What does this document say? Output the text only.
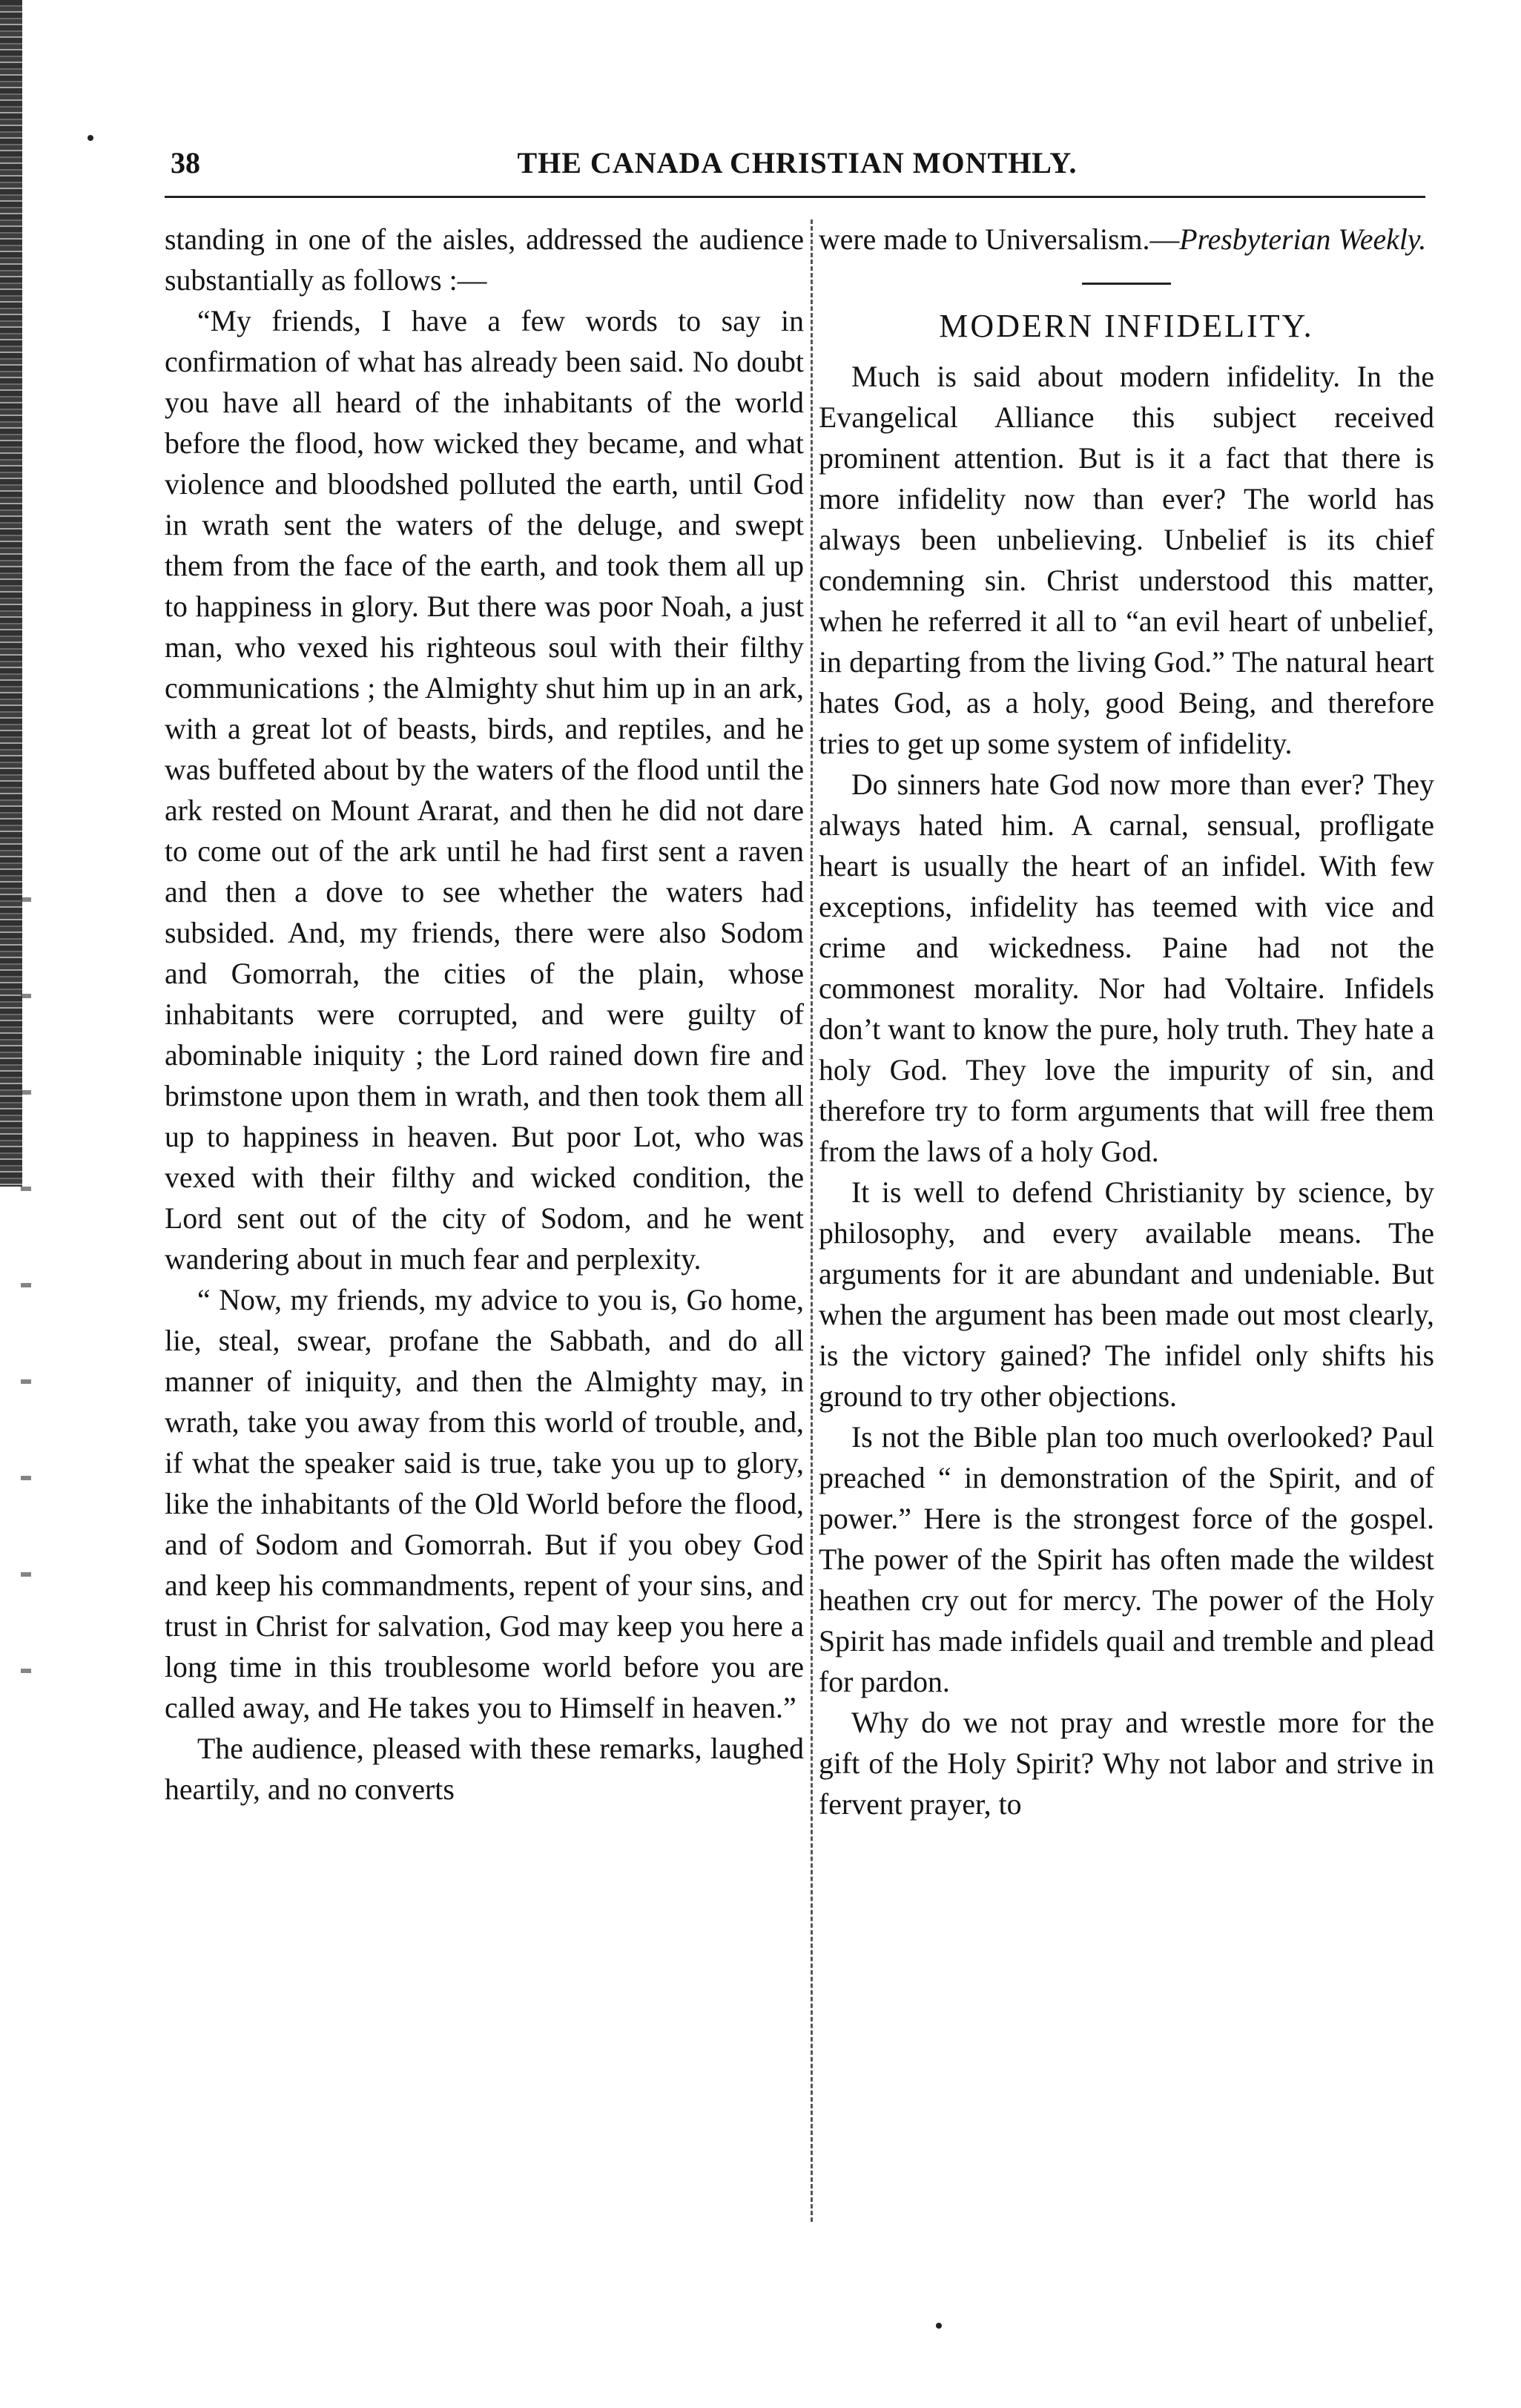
38	THE CANADA CHRISTIAN MONTHLY.

standing in one of the aisles, addressed the audience substantially as follows :—

“My friends, I have a few words to say in confirmation of what has already been said. No doubt you have all heard of the inhabitants of the world before the flood, how wicked they became, and what violence and bloodshed polluted the earth, until God in wrath sent the waters of the deluge, and swept them from the face of the earth, and took them all up to happiness in glory. But there was poor Noah, a just man, who vexed his righteous soul with their filthy communications ; the Almighty shut him up in an ark, with a great lot of beasts, birds, and reptiles, and he was buffeted about by the waters of the flood until the ark rested on Mount Ararat, and then he did not dare to come out of the ark until he had first sent a raven and then a dove to see whether the waters had subsided. And, my friends, there were also Sodom and Gomorrah, the cities of the plain, whose inhabitants were corrupted, and were guilty of abominable iniquity ; the Lord rained down fire and brimstone upon them in wrath, and then took them all up to happiness in heaven. But poor Lot, who was vexed with their filthy and wicked condition, the Lord sent out of the city of Sodom, and he went wandering about in much fear and perplexity.

“ Now, my friends, my advice to you is, Go home, lie, steal, swear, profane the Sabbath, and do all manner of iniquity, and then the Almighty may, in wrath, take you away from this world of trouble, and, if what the speaker said is true, take you up to glory, like the inhabitants of the Old World before the flood, and of Sodom and Gomorrah. But if you obey God and keep his commandments, repent of your sins, and trust in Christ for salvation, God may keep you here a long time in this troublesome world before you are called away, and He takes you to Himself in heaven.”

The audience, pleased with these remarks, laughed heartily, and no converts

were made to Universalism.—Presbyterian Weekly.

MODERN INFIDELITY.

Much is said about modern infidelity. In the Evangelical Alliance this subject received prominent attention. But is it a fact that there is more infidelity now than ever? The world has always been unbelieving. Unbelief is its chief condemning sin. Christ understood this matter, when he referred it all to “an evil heart of unbelief, in departing from the living God.” The natural heart hates God, as a holy, good Being, and therefore tries to get up some system of infidelity.

Do sinners hate God now more than ever? They always hated him. A carnal, sensual, profligate heart is usually the heart of an infidel. With few exceptions, infidelity has teemed with vice and crime and wickedness. Paine had not the commonest morality. Nor had Voltaire. Infidels don’t want to know the pure, holy truth. They hate a holy God. They love the impurity of sin, and therefore try to form arguments that will free them from the laws of a holy God.

It is well to defend Christianity by science, by philosophy, and every available means. The arguments for it are abundant and undeniable. But when the argument has been made out most clearly, is the victory gained? The infidel only shifts his ground to try other objections.

Is not the Bible plan too much overlooked? Paul preached “ in demonstration of the Spirit, and of power.” Here is the strongest force of the gospel. The power of the Spirit has often made the wildest heathen cry out for mercy. The power of the Holy Spirit has made infidels quail and tremble and plead for pardon.

Why do we not pray and wrestle more for the gift of the Holy Spirit? Why not labor and strive in fervent prayer, to
